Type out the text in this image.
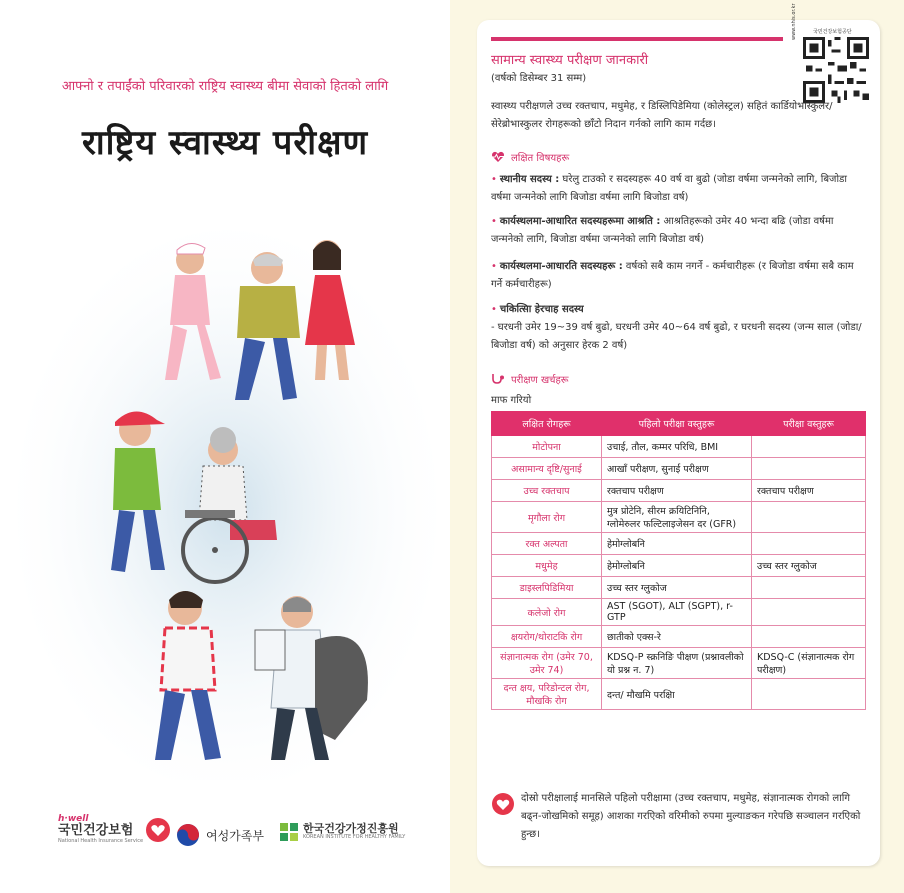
आफ्नो र तपाईंको परिवारको राष्ट्रिय स्वास्थ्य बीमा सेवाको हितको लागि
राष्ट्रिय स्वास्थ्य परीक्षण
h·well
국민건강보험
National Health Insurance Service	여성가족부	한국건강가정진흥원
KOREAN INSTITUTE FOR HEALTHY FAMILY
국민건강보험공단
www.nhis.or.kr
सामान्य स्वास्थ्य परीक्षण जानकारी
(वर्षको डिसेम्बर 31 सम्म)
स्वास्थ्य परीक्षणले उच्च रक्तचाप, मधुमेह, र डिस्लिपिडेमिया (कोलेस्ट्रल) सहितं कार्डियोभास्कुलर/सेरेब्रोभास्कुलर रोगहरूको छाँटो निदान गर्नको लागि काम गर्दछ।
लक्षित विषयहरू
• स्थानीय सदस्य : घरेलु टाउको र सदस्यहरू 40 वर्ष वा बुढो (जोडा वर्षमा जन्मनेको लागि, बिजोडा वर्षमा जन्मनेको लागि बिजोडा वर्षमा लागि बिजोडा वर्ष)
• कार्यस्थलमा-आधारित सदस्यहरूमा आश्रति : आश्रतिहरूको उमेर 40 भन्दा बढि (जोडा वर्षमा जन्मनेको लागि, बिजोडा वर्षमा जन्मनेको लागि बिजोडा वर्ष)
• कार्यस्थलमा-आधारति सदस्यहरू : वर्षको सबै काम नगर्ने - कर्मचारीहरू (र बिजोडा वर्षमा सबै काम गर्ने कर्मचारीहरू)
• चकित्सिा हेरचाह सदस्य
- घरधनी उमेर 19~39 वर्ष बुढो, घरधनी उमेर 40~64 वर्ष बुढो, र घरधनी सदस्य (जन्म साल (जोडा/बिजोडा वर्ष) को अनुसार हेरक 2 वर्ष)
परीक्षण खर्चहरू
माफ गरियो
लक्षित रोगहरू	पहिलो परीक्षा वस्तुहरू	परीक्षा वस्तुहरू
मोटोपना	उचाई, तौल, कम्मर परिधि, BMI	
असामान्य दृष्टि/सुनाई	आखाँ परीक्षण, सुनाई परीक्षण	
उच्च रक्तचाप	रक्तचाप परीक्षण	रक्तचाप परीक्षण
मृगौला रोग	मुत्र प्रोटेनि, सीरम क्रयिटिनिनि, ग्लोमेरुलर फल्टिलाइजेसन दर (GFR)	
रक्त अल्पता	हेमोग्लोबनि	
मधुमेह	हेमोग्लोबनि	उच्च स्तर ग्लुकोज
डाइस्लपिडिमिया	उच्च स्तर ग्लुकोज	
कलेजो रोग	AST (SGOT), ALT (SGPT), r-GTP	
क्षयरोग/थोराटकि रोग	छातीको एक्स-रे	
संज्ञानात्मक रोग (उमेर 70, उमेर 74)	KDSQ-P स्क्रनिङि पीक्षण (प्रश्नावलीको यो प्रश्न न. 7)	KDSQ-C (संज्ञानात्मक रोग परीक्षण)
दन्त क्षय, परिडोन्टल रोग, मौखकि रोग	दन्त/ मौखमि परक्षिा	
दोस्रो परीक्षालाई मानसिले पहिलो परीक्षामा (उच्च रक्तचाप, मधुमेह, संज्ञानात्मक रोगको लागि बढ्न-जोखमिको समूह) आशका गरएिको वरिमीको रुपमा मुल्याङकन गरेपछि सञ्चालन गरएिको हुन्छ।
